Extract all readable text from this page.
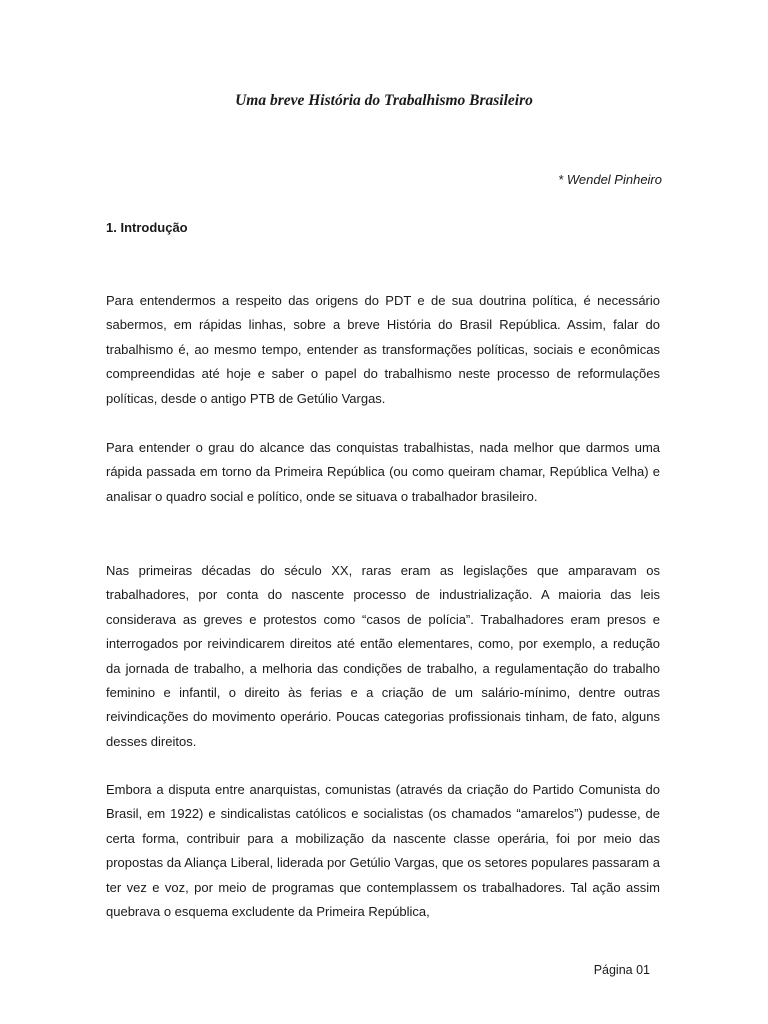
Uma breve História do Trabalhismo Brasileiro

* Wendel Pinheiro

1. Introdução

Para entendermos a respeito das origens do PDT e de sua doutrina política, é necessário sabermos, em rápidas linhas, sobre a breve História do Brasil República. Assim, falar do trabalhismo é, ao mesmo tempo, entender as transformações políticas, sociais e econômicas compreendidas até hoje e saber o papel do trabalhismo neste processo de reformulações políticas, desde o antigo PTB de Getúlio Vargas.

Para entender o grau do alcance das conquistas trabalhistas, nada melhor que darmos uma rápida passada em torno da Primeira República (ou como queiram chamar, República Velha) e analisar o quadro social e político, onde se situava o trabalhador brasileiro.

Nas primeiras décadas do século XX, raras eram as legislações que amparavam os trabalhadores, por conta do nascente processo de industrialização. A maioria das leis considerava as greves e protestos como “casos de polícia”. Trabalhadores eram presos e interrogados por reivindicarem direitos até então elementares, como, por exemplo, a redução da jornada de trabalho, a melhoria das condições de trabalho, a regulamentação do trabalho feminino e infantil, o direito às ferias e a criação de um salário-mínimo, dentre outras reivindicações do movimento operário. Poucas categorias profissionais tinham, de fato, alguns desses direitos.

Embora a disputa entre anarquistas, comunistas (através da criação do Partido Comunista do Brasil, em 1922) e sindicalistas católicos e socialistas (os chamados “amarelos”) pudesse, de certa forma, contribuir para a mobilização da nascente classe operária, foi por meio das propostas da Aliança Liberal, liderada por Getúlio Vargas, que os setores populares passaram a ter vez e voz, por meio de programas que contemplassem os trabalhadores. Tal ação assim quebrava o esquema excludente da Primeira República,

Página 01
